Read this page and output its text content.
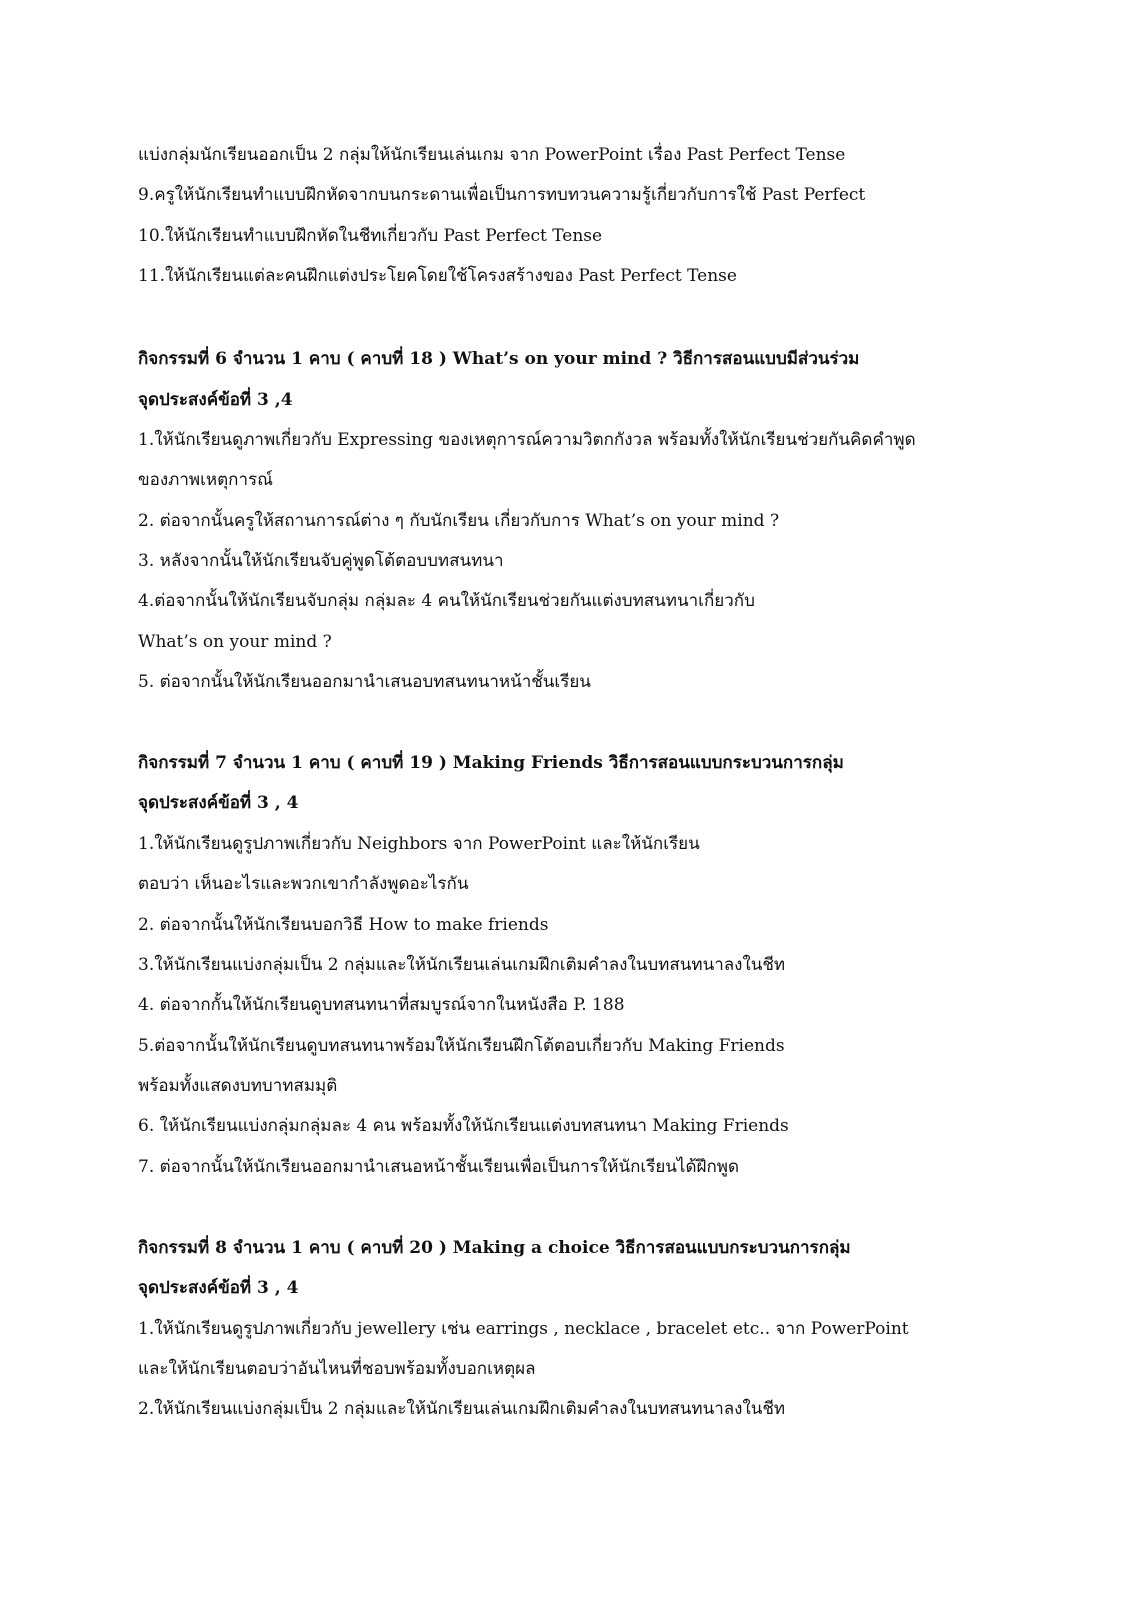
แบ่งกลุ่มนักเรียนออกเป็น 2 กลุ่มให้นักเรียนเล่นเกม จาก PowerPoint เรื่อง Past Perfect Tense
9.ครูให้นักเรียนทำแบบฝึกหัดจากบนกระดานเพื่อเป็นการทบทวนความรู้เกี่ยวกับการใช้ Past Perfect
10.ให้นักเรียนทำแบบฝึกหัดในชีทเกี่ยวกับ Past Perfect Tense
11.ให้นักเรียนแต่ละคนฝึกแต่งประโยคโดยใช้โครงสร้างของ Past Perfect Tense
กิจกรรมที่ 6 จำนวน 1 คาบ ( คาบที่ 18 ) What’s on your mind ? วิธีการสอนแบบมีส่วนร่วม
จุดประสงค์ข้อที่ 3 ,4
1.ให้นักเรียนดูภาพเกี่ยวกับ Expressing ของเหตุการณ์ความวิตกกังวล พร้อมทั้งให้นักเรียนช่วยกันคิดคำพูด
ของภาพเหตุการณ์
2. ต่อจากนั้นครูให้สถานการณ์ต่าง ๆ กับนักเรียน เกี่ยวกับการ What’s on your mind ?
3. หลังจากนั้นให้นักเรียนจับคู่พูดโต้ตอบบทสนทนา
4.ต่อจากนั้นให้นักเรียนจับกลุ่ม กลุ่มละ 4 คนให้นักเรียนช่วยกันแต่งบทสนทนาเกี่ยวกับ
What’s on your mind ?
5. ต่อจากนั้นให้นักเรียนออกมานำเสนอบทสนทนาหน้าชั้นเรียน
กิจกรรมที่ 7 จำนวน 1 คาบ ( คาบที่ 19 ) Making Friends วิธีการสอนแบบกระบวนการกลุ่ม
จุดประสงค์ข้อที่ 3 , 4
1.ให้นักเรียนดูรูปภาพเกี่ยวกับ Neighbors จาก PowerPoint และให้นักเรียน
ตอบว่า เห็นอะไรและพวกเขากำลังพูดอะไรกัน
2. ต่อจากนั้นให้นักเรียนบอกวิธี How to make friends
3.ให้นักเรียนแบ่งกลุ่มเป็น 2 กลุ่มและให้นักเรียนเล่นเกมฝึกเติมคำลงในบทสนทนาลงในชีท
4. ต่อจากกั้นให้นักเรียนดูบทสนทนาที่สมบูรณ์จากในหนังสือ P. 188
5.ต่อจากนั้นให้นักเรียนดูบทสนทนาพร้อมให้นักเรียนฝึกโต้ตอบเกี่ยวกับ Making Friends
พร้อมทั้งแสดงบทบาทสมมุติ
6. ให้นักเรียนแบ่งกลุ่มกลุ่มละ 4 คน พร้อมทั้งให้นักเรียนแต่งบทสนทนา Making Friends
7. ต่อจากนั้นให้นักเรียนออกมานำเสนอหน้าชั้นเรียนเพื่อเป็นการให้นักเรียนได้ฝึกพูด
กิจกรรมที่ 8 จำนวน 1 คาบ ( คาบที่ 20 ) Making a choice วิธีการสอนแบบกระบวนการกลุ่ม
จุดประสงค์ข้อที่ 3 , 4
1.ให้นักเรียนดูรูปภาพเกี่ยวกับ jewellery เช่น earrings , necklace , bracelet etc.. จาก PowerPoint
และให้นักเรียนตอบว่าอันไหนที่ชอบพร้อมทั้งบอกเหตุผล
2.ให้นักเรียนแบ่งกลุ่มเป็น 2 กลุ่มและให้นักเรียนเล่นเกมฝึกเติมคำลงในบทสนทนาลงในชีท
